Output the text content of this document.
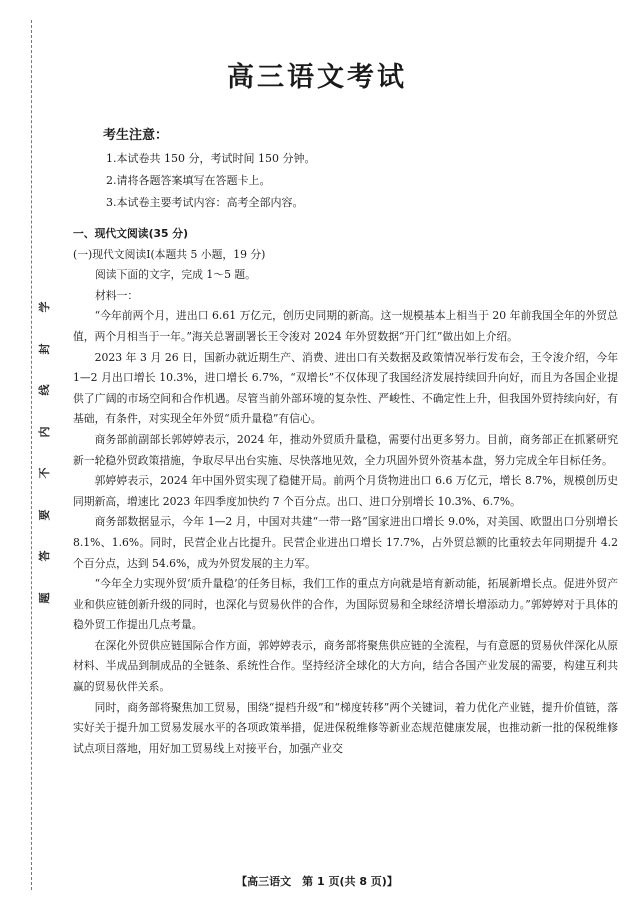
学
封
线
内
不
要
答
题
高三语文考试
考生注意：
1.本试卷共 150 分，考试时间 150 分钟。
2.请将各题答案填写在答题卡上。
3.本试卷主要考试内容：高考全部内容。
一、现代文阅读(35 分)
(一)现代文阅读Ⅰ(本题共 5 小题，19 分)
阅读下面的文字，完成 1～5 题。
材料一：

“今年前两个月，进出口 6.61 万亿元，创历史同期的新高。这一规模基本上相当于 20 年前我国全年的外贸总值，两个月相当于一年。”海关总署副署长王令浚对 2024 年外贸数据“开门红”做出如上介绍。

2023 年 3 月 26 日，国新办就近期生产、消费、进出口有关数据及政策情况举行发布会，王令浚介绍，今年 1—2 月出口增长 10.3%，进口增长 6.7%，“双增长”不仅体现了我国经济发展持续回升向好，而且为各国企业提供了广阔的市场空间和合作机遇。尽管当前外部环境的复杂性、严峻性、不确定性上升，但我国外贸持续向好，有基础，有条件，对实现全年外贸“质升量稳”有信心。

商务部前副部长郭婷婷表示，2024 年，推动外贸质升量稳，需要付出更多努力。目前，商务部正在抓紧研究新一轮稳外贸政策措施，争取尽早出台实施、尽快落地见效，全力巩固外贸外资基本盘，努力完成全年目标任务。

郭婷婷表示，2024 年中国外贸实现了稳健开局。前两个月货物进出口 6.6 万亿元，增长 8.7%，规模创历史同期新高，增速比 2023 年四季度加快约 7 个百分点。出口、进口分别增长 10.3%、6.7%。

商务部数据显示，今年 1—2 月，中国对共建“一带一路”国家进出口增长 9.0%，对美国、欧盟出口分别增长 8.1%、1.6%。同时，民营企业占比提升。民营企业进出口增长 17.7%，占外贸总额的比重较去年同期提升 4.2 个百分点，达到 54.6%，成为外贸发展的主力军。

“今年全力实现外贸‘质升量稳’的任务目标，我们工作的重点方向就是培育新动能，拓展新增长点。促进外贸产业和供应链创新升级的同时，也深化与贸易伙伴的合作，为国际贸易和全球经济增长增添动力。”郭婷婷对于具体的稳外贸工作提出几点考量。

在深化外贸供应链国际合作方面，郭婷婷表示，商务部将聚焦供应链的全流程，与有意愿的贸易伙伴深化从原材料、半成品到制成品的全链条、系统性合作。坚持经济全球化的大方向，结合各国产业发展的需要，构建互利共赢的贸易伙伴关系。

同时，商务部将聚焦加工贸易，围绕“提档升级”和“梯度转移”两个关键词，着力优化产业链，提升价值链，落实好关于提升加工贸易发展水平的各项政策举措，促进保税维修等新业态规范健康发展，也推动新一批的保税维修试点项目落地，用好加工贸易线上对接平台，加强产业交

【高三语文　第 1 页(共 8 页)】
